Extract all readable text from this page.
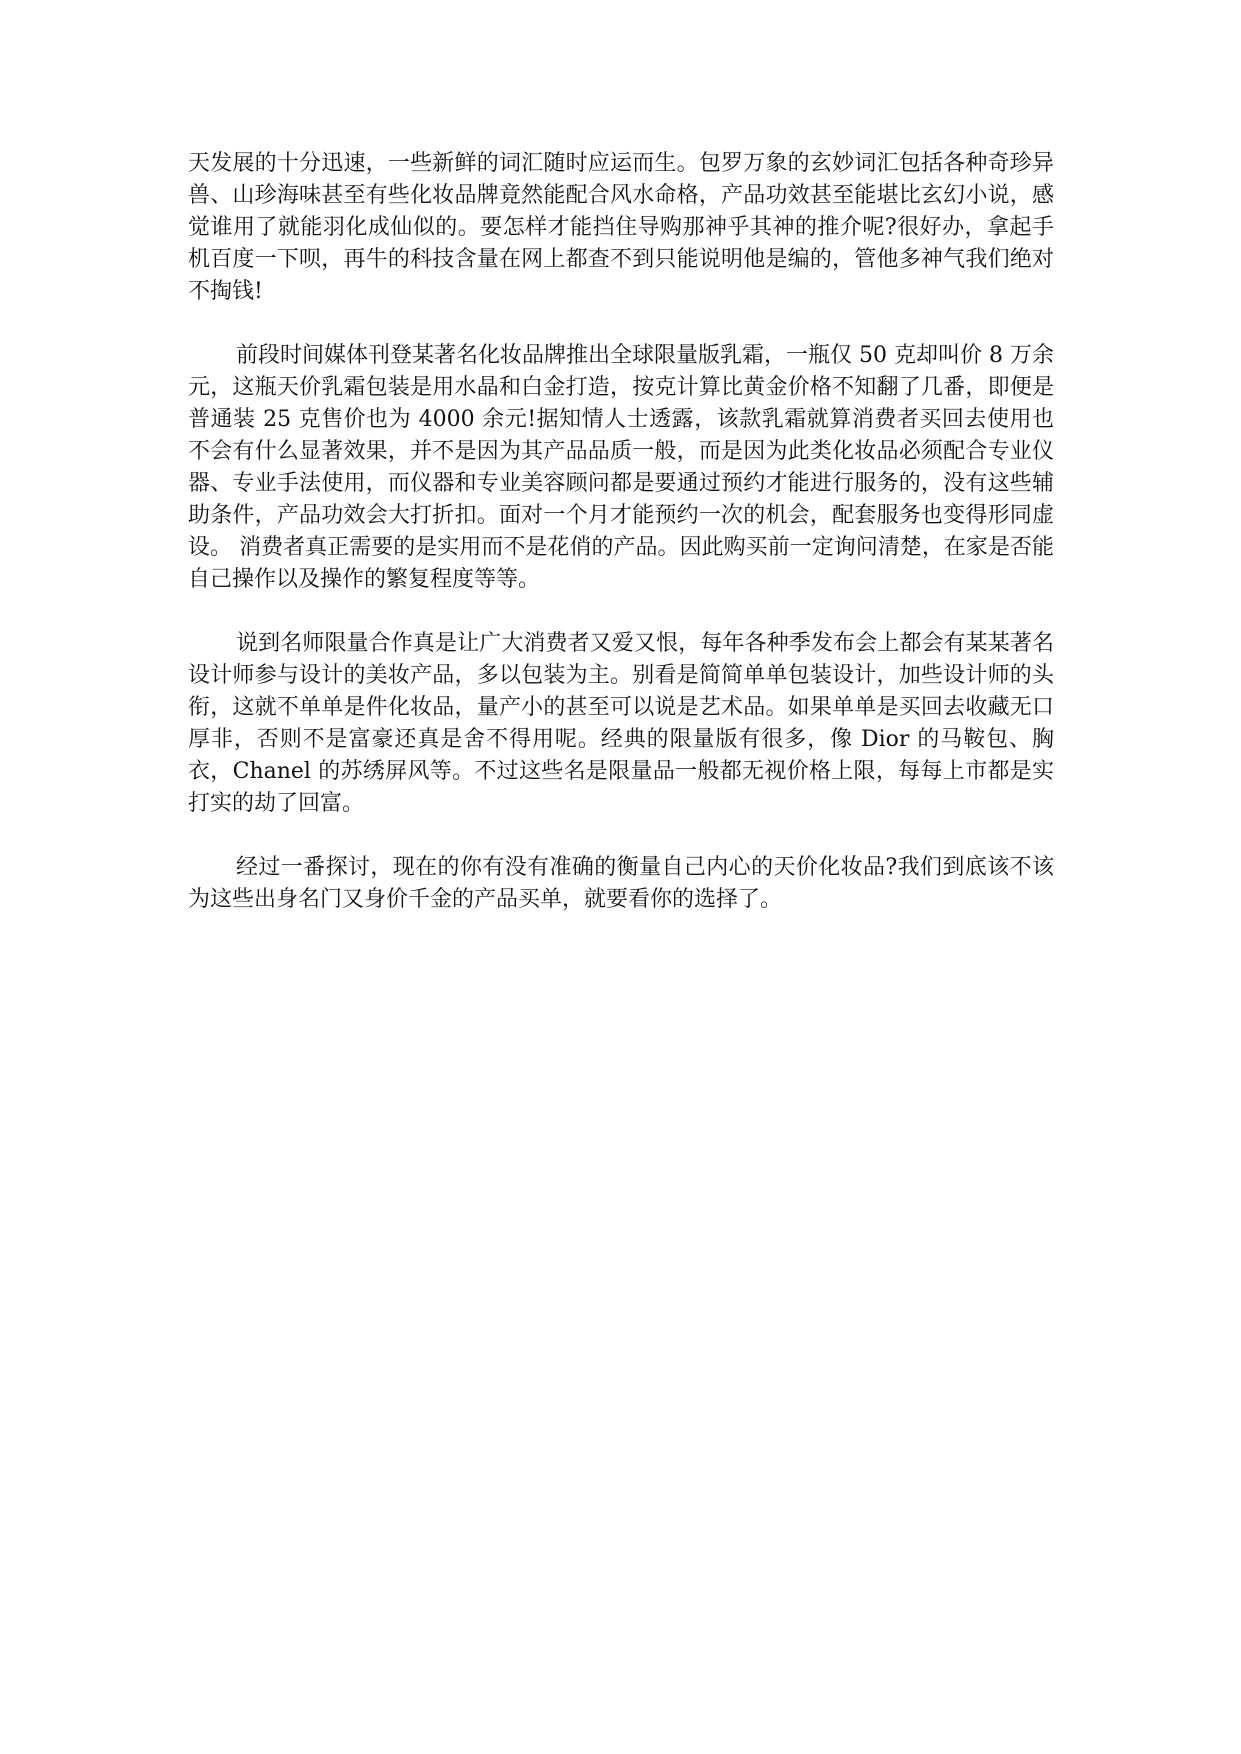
天发展的十分迅速，一些新鲜的词汇随时应运而生。包罗万象的玄妙词汇包括各种奇珍异兽、山珍海味甚至有些化妆品牌竟然能配合风水命格，产品功效甚至能堪比玄幻小说，感觉谁用了就能羽化成仙似的。要怎样才能挡住导购那神乎其神的推介呢?很好办，拿起手机百度一下呗，再牛的科技含量在网上都查不到只能说明他是编的，管他多神气我们绝对不掏钱!

前段时间媒体刊登某著名化妆品牌推出全球限量版乳霜，一瓶仅 50 克却叫价 8 万余元，这瓶天价乳霜包装是用水晶和白金打造，按克计算比黄金价格不知翻了几番，即便是普通装 25 克售价也为 4000 余元!据知情人士透露，该款乳霜就算消费者买回去使用也不会有什么显著效果，并不是因为其产品品质一般，而是因为此类化妆品必须配合专业仪器、专业手法使用，而仪器和专业美容顾问都是要通过预约才能进行服务的，没有这些辅助条件，产品功效会大打折扣。面对一个月才能预约一次的机会，配套服务也变得形同虚设。 消费者真正需要的是实用而不是花俏的产品。因此购买前一定询问清楚，在家是否能自己操作以及操作的繁复程度等等。

说到名师限量合作真是让广大消费者又爱又恨，每年各种季发布会上都会有某某著名设计师参与设计的美妆产品，多以包装为主。别看是简简单单包装设计，加些设计师的头衔，这就不单单是件化妆品，量产小的甚至可以说是艺术品。如果单单是买回去收藏无口厚非，否则不是富豪还真是舍不得用呢。经典的限量版有很多，像 Dior 的马鞍包、胸衣，Chanel 的苏绣屏风等。不过这些名是限量品一般都无视价格上限，每每上市都是实打实的劫了回富。

经过一番探讨，现在的你有没有准确的衡量自己内心的天价化妆品?我们到底该不该为这些出身名门又身价千金的产品买单，就要看你的选择了。
